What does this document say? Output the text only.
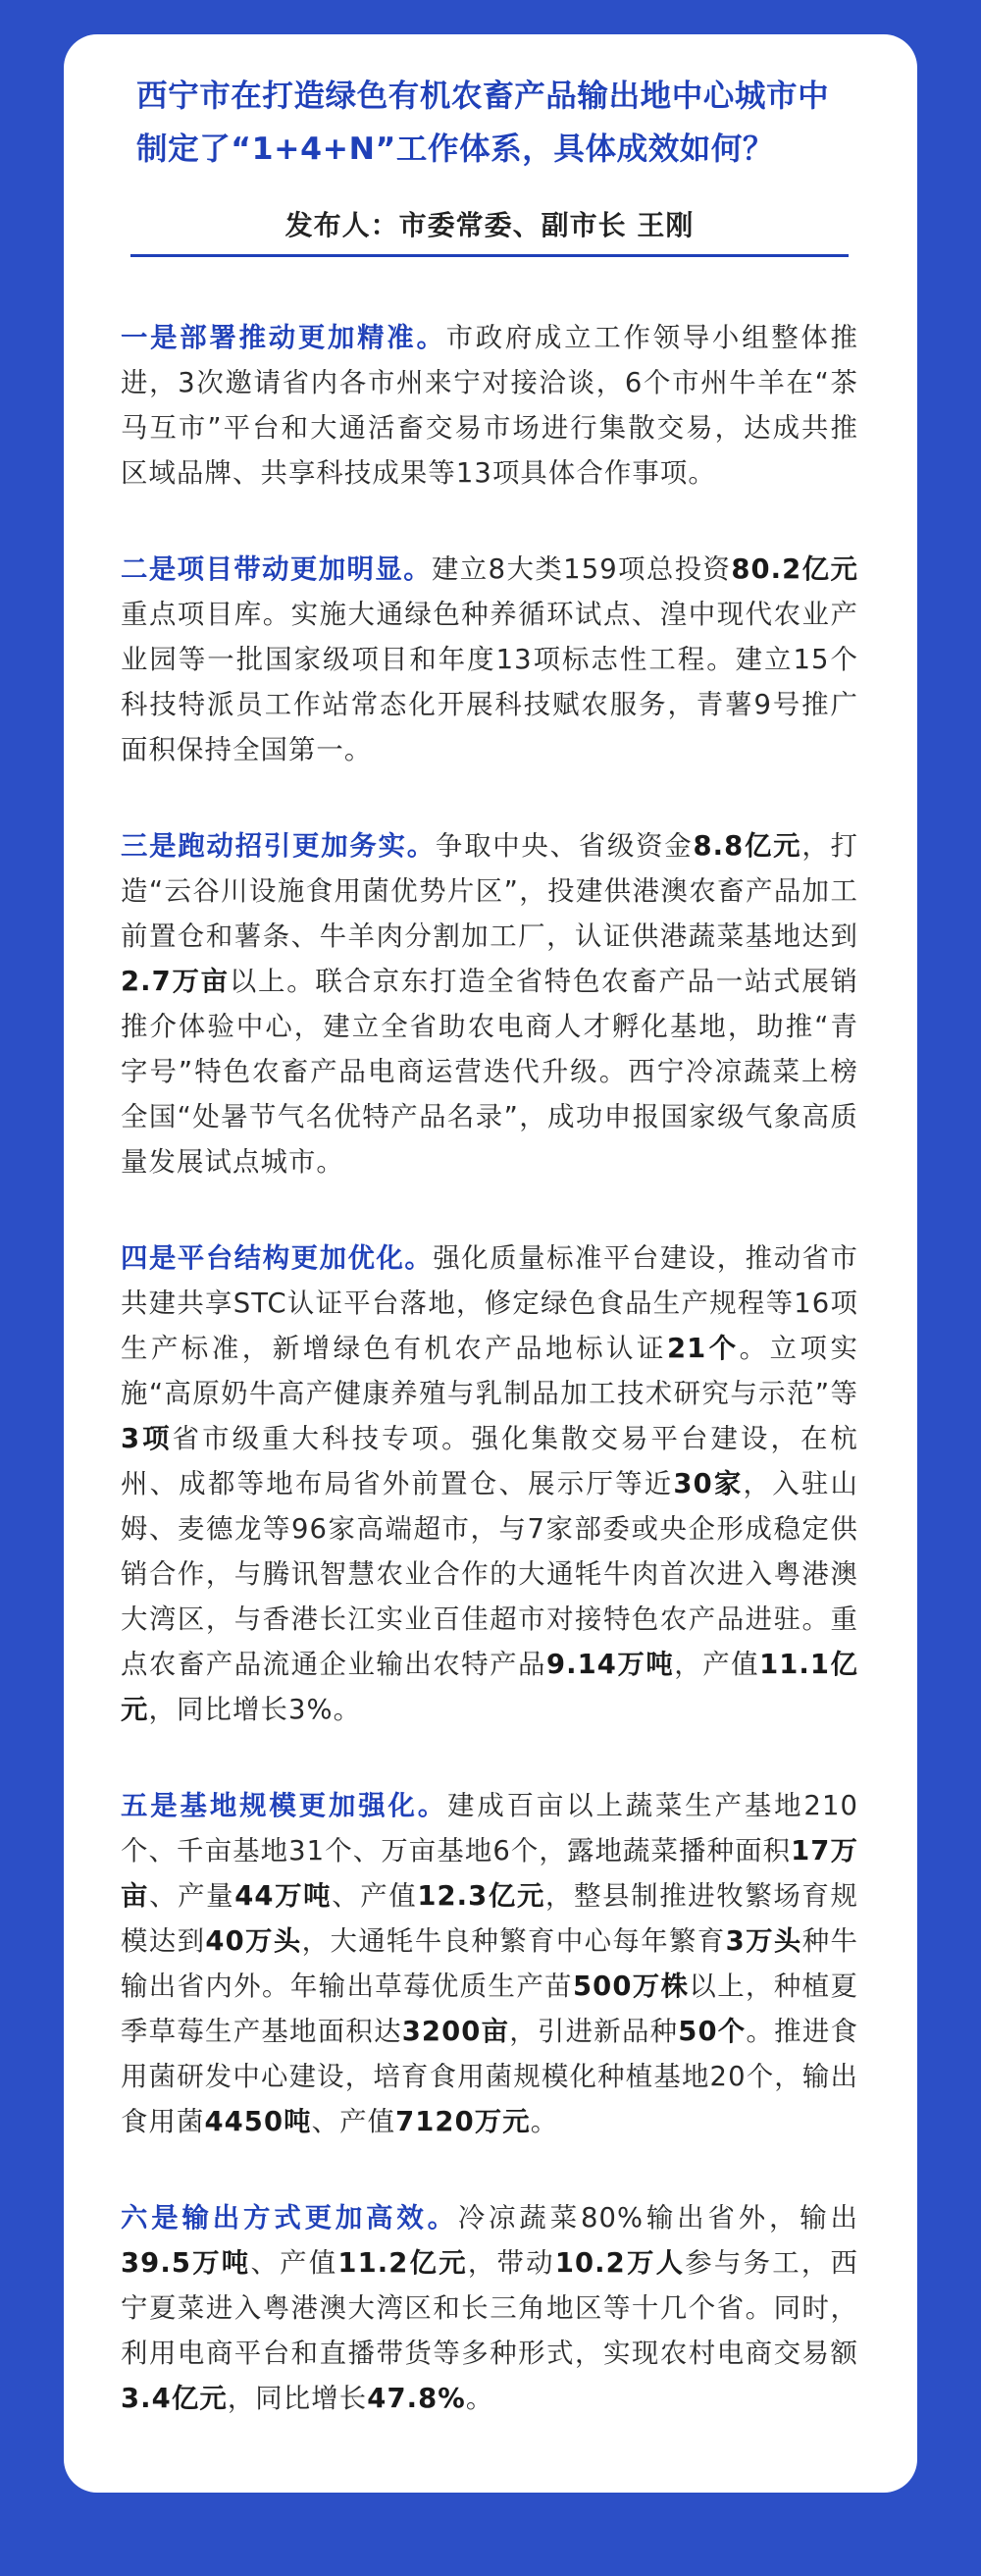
西宁市在打造绿色有机农畜产品输出地中心城市中制定了“1+4+N”工作体系，具体成效如何？
发布人：市委常委、副市长 王刚

一是部署推动更加精准。市政府成立工作领导小组整体推进，3次邀请省内各市州来宁对接洽谈，6个市州牛羊在“茶马互市”平台和大通活畜交易市场进行集散交易，达成共推区域品牌、共享科技成果等13项具体合作事项。

二是项目带动更加明显。建立8大类159项总投资80.2亿元重点项目库。实施大通绿色种养循环试点、湟中现代农业产业园等一批国家级项目和年度13项标志性工程。建立15个科技特派员工作站常态化开展科技赋农服务，青薯9号推广面积保持全国第一。

三是跑动招引更加务实。争取中央、省级资金8.8亿元，打造“云谷川设施食用菌优势片区”，投建供港澳农畜产品加工前置仓和薯条、牛羊肉分割加工厂，认证供港蔬菜基地达到2.7万亩以上。联合京东打造全省特色农畜产品一站式展销推介体验中心，建立全省助农电商人才孵化基地，助推“青字号”特色农畜产品电商运营迭代升级。西宁冷凉蔬菜上榜全国“处暑节气名优特产品名录”，成功申报国家级气象高质量发展试点城市。

四是平台结构更加优化。强化质量标准平台建设，推动省市共建共享STC认证平台落地，修定绿色食品生产规程等16项生产标准，新增绿色有机农产品地标认证21个。立项实施“高原奶牛高产健康养殖与乳制品加工技术研究与示范”等3项省市级重大科技专项。强化集散交易平台建设，在杭州、成都等地布局省外前置仓、展示厅等近30家，入驻山姆、麦德龙等96家高端超市，与7家部委或央企形成稳定供销合作，与腾讯智慧农业合作的大通牦牛肉首次进入粤港澳大湾区，与香港长江实业百佳超市对接特色农产品进驻。重点农畜产品流通企业输出农特产品9.14万吨，产值11.1亿元，同比增长3%。

五是基地规模更加强化。建成百亩以上蔬菜生产基地210个、千亩基地31个、万亩基地6个，露地蔬菜播种面积17万亩、产量44万吨、产值12.3亿元，整县制推进牧繁场育规模达到40万头，大通牦牛良种繁育中心每年繁育3万头种牛输出省内外。年输出草莓优质生产苗500万株以上，种植夏季草莓生产基地面积达3200亩，引进新品种50个。推进食用菌研发中心建设，培育食用菌规模化种植基地20个，输出食用菌4450吨、产值7120万元。

六是输出方式更加高效。冷凉蔬菜80%输出省外，输出39.5万吨、产值11.2亿元，带动10.2万人参与务工，西宁夏菜进入粤港澳大湾区和长三角地区等十几个省。同时，利用电商平台和直播带货等多种形式，实现农村电商交易额3.4亿元，同比增长47.8%。
